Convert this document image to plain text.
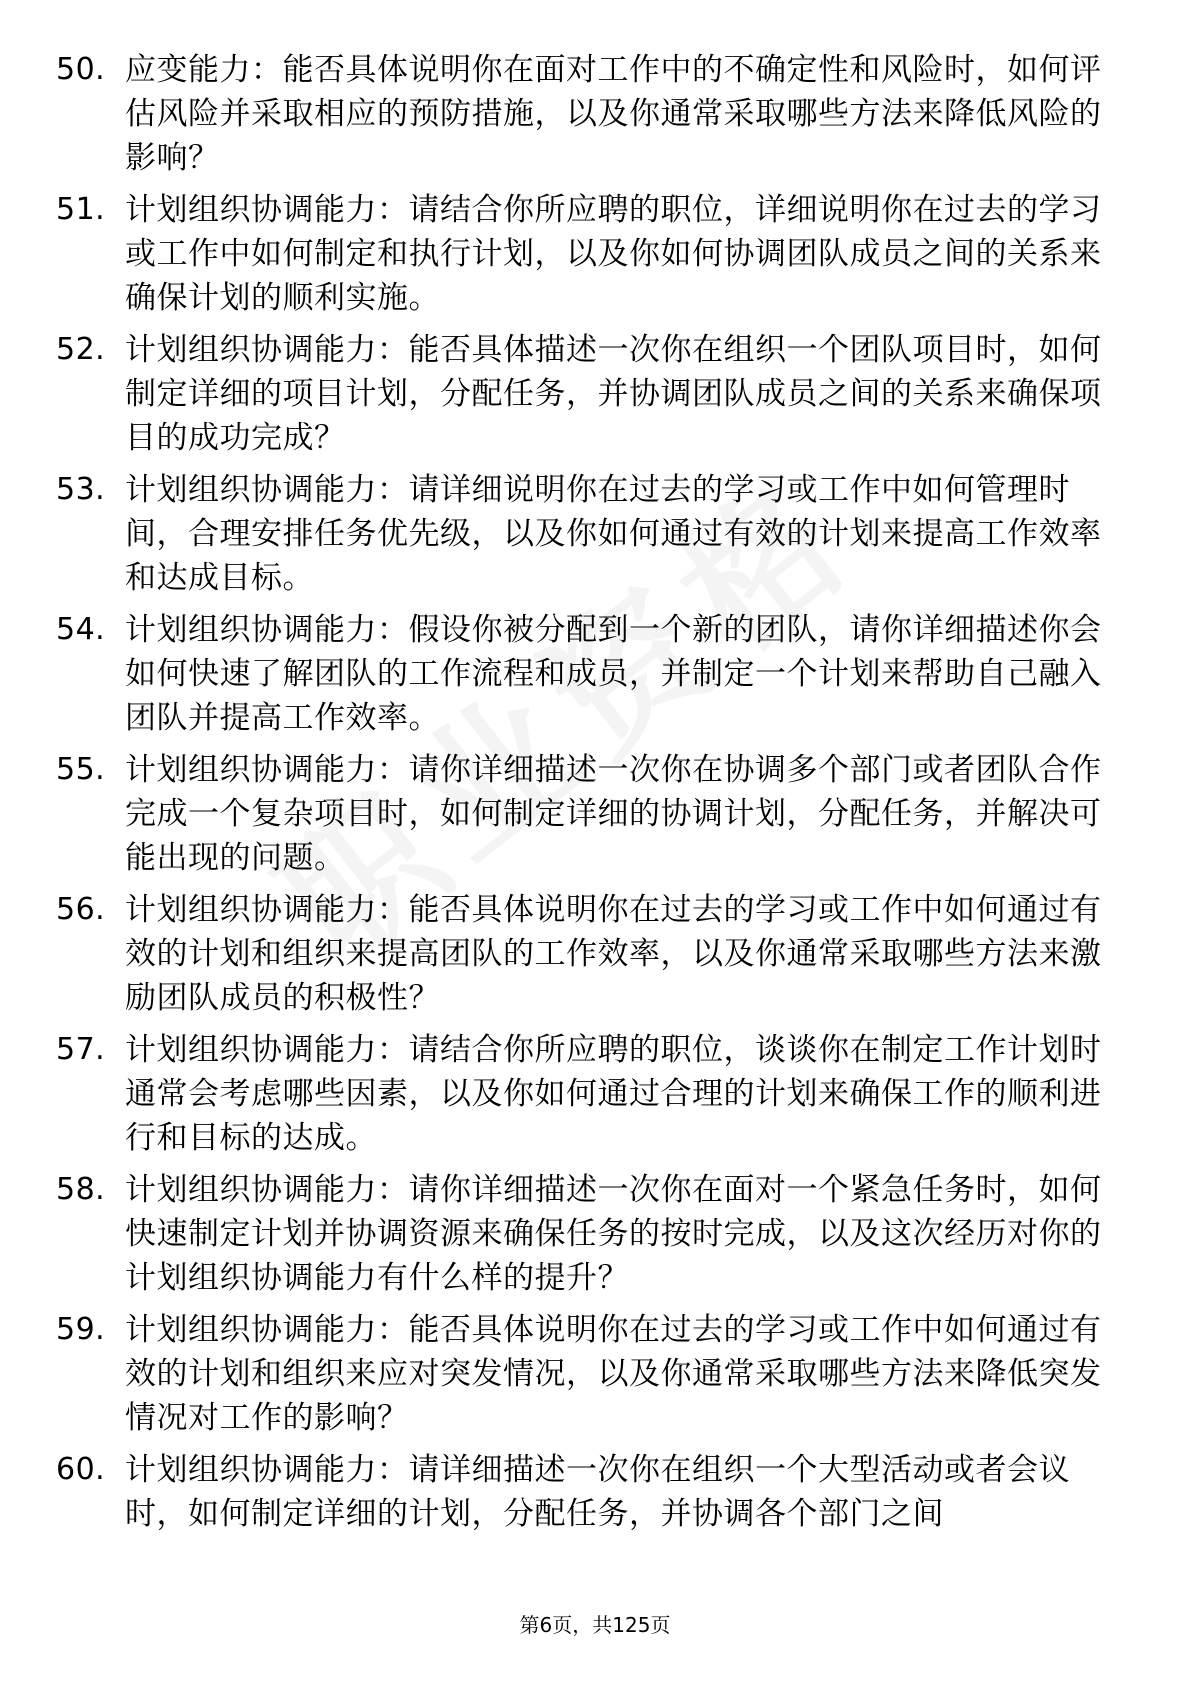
50. 应变能力：能否具体说明你在面对工作中的不确定性和风险时，如何评估风险并采取相应的预防措施，以及你通常采取哪些方法来降低风险的影响？
51. 计划组织协调能力：请结合你所应聘的职位，详细说明你在过去的学习或工作中如何制定和执行计划，以及你如何协调团队成员之间的关系来确保计划的顺利实施。
52. 计划组织协调能力：能否具体描述一次你在组织一个团队项目时，如何制定详细的项目计划，分配任务，并协调团队成员之间的关系来确保项目的成功完成？
53. 计划组织协调能力：请详细说明你在过去的学习或工作中如何管理时间，合理安排任务优先级，以及你如何通过有效的计划来提高工作效率和达成目标。
54. 计划组织协调能力：假设你被分配到一个新的团队，请你详细描述你会如何快速了解团队的工作流程和成员，并制定一个计划来帮助自己融入团队并提高工作效率。
55. 计划组织协调能力：请你详细描述一次你在协调多个部门或者团队合作完成一个复杂项目时，如何制定详细的协调计划，分配任务，并解决可能出现的问题。
56. 计划组织协调能力：能否具体说明你在过去的学习或工作中如何通过有效的计划和组织来提高团队的工作效率，以及你通常采取哪些方法来激励团队成员的积极性？
57. 计划组织协调能力：请结合你所应聘的职位，谈谈你在制定工作计划时通常会考虑哪些因素，以及你如何通过合理的计划来确保工作的顺利进行和目标的达成。
58. 计划组织协调能力：请你详细描述一次你在面对一个紧急任务时，如何快速制定计划并协调资源来确保任务的按时完成，以及这次经历对你的计划组织协调能力有什么样的提升？
59. 计划组织协调能力：能否具体说明你在过去的学习或工作中如何通过有效的计划和组织来应对突发情况，以及你通常采取哪些方法来降低突发情况对工作的影响？
60. 计划组织协调能力：请详细描述一次你在组织一个大型活动或者会议时，如何制定详细的计划，分配任务，并协调各个部门之间
第6页，共125页
